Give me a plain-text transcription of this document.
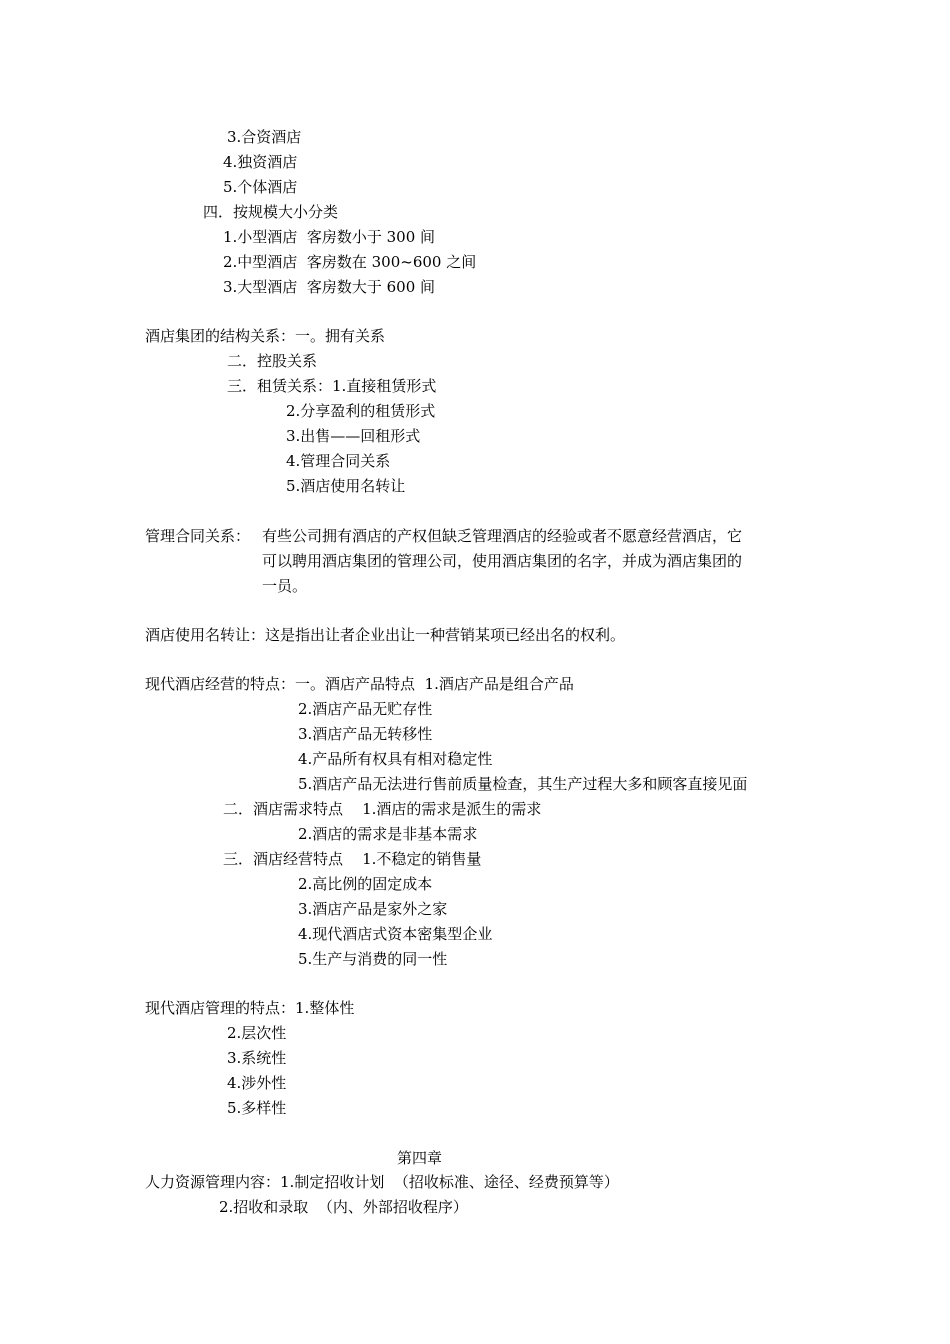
3.合资酒店
4.独资酒店
5.个体酒店
四．按规模大小分类
1.小型酒店  客房数小于 300 间
2.中型酒店  客房数在 300~600 之间
3.大型酒店  客房数大于 600 间
酒店集团的结构关系：一。拥有关系
二．控股关系
三．租赁关系：1.直接租赁形式
2.分享盈利的租赁形式
3.出售——回租形式
4.管理合同关系
5.酒店使用名转让
管理合同关系： 有些公司拥有酒店的产权但缺乏管理酒店的经验或者不愿意经营酒店，它
可以聘用酒店集团的管理公司，使用酒店集团的名字，并成为酒店集团的
一员。
酒店使用名转让：这是指出让者企业出让一种营销某项已经出名的权利。
现代酒店经营的特点：一。酒店产品特点  1.酒店产品是组合产品
2.酒店产品无贮存性
3.酒店产品无转移性
4.产品所有权具有相对稳定性
5.酒店产品无法进行售前质量检查，其生产过程大多和顾客直接见面
二．酒店需求特点    1.酒店的需求是派生的需求
2.酒店的需求是非基本需求
三．酒店经营特点    1.不稳定的销售量
2.高比例的固定成本
3.酒店产品是家外之家
4.现代酒店式资本密集型企业
5.生产与消费的同一性
现代酒店管理的特点：1.整体性
2.层次性
3.系统性
4.涉外性
5.多样性
第四章
人力资源管理内容：1.制定招收计划  （招收标准、途径、经费预算等）
2.招收和录取  （内、外部招收程序）
